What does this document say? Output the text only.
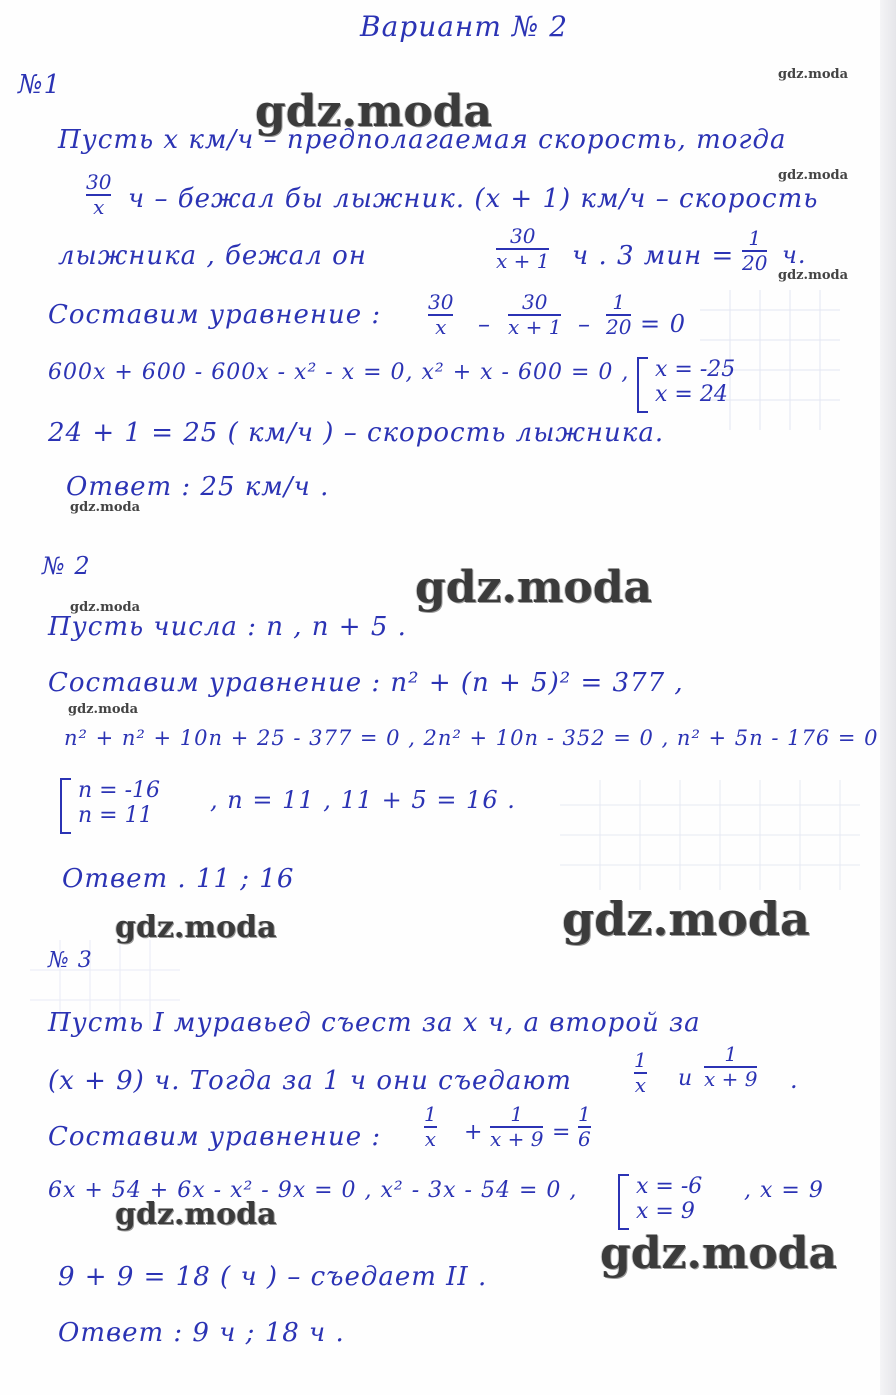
Вариант № 2
gdz.moda
gdz.moda
gdz.moda
gdz.moda
gdz.moda
gdz.moda
gdz.moda
gdz.moda
gdz.moda	gdz.moda
gdz.moda
gdz.moda
№1
Пусть x км/ч – предполагаемая скорость, тогда
30
x ч – бежал бы лыжник. (x + 1) км/ч – скорость
лыжника , бежал он
30
x + 1 ч . 3 мин =
1
20 ч.
Составим уравнение : 30
x –
30
x + 1 –
1
20 = 0
600x + 600 - 600x - x² - x = 0, x² + x - 600 = 0 , x = -25
x = 24
24 + 1 = 25 ( км/ч ) – скорость лыжника.
Ответ : 25 км/ч .
№ 2
Пусть числа : n , n + 5 .
Составим уравнение : n² + (n + 5)² = 377 ,
n² + n² + 10n + 25 - 377 = 0 , 2n² + 10n - 352 = 0 , n² + 5n - 176 = 0
n = -16
n = 11
, n = 11 , 11 + 5 = 16 .
Ответ . 11 ; 16
№ 3
Пусть I муравьед съест за x ч, а второй за
(x + 9) ч. Тогда за 1 ч они съедают
1
x и
1
x + 9 .
Составим уравнение :
1
x +
1
x + 9 =
1
6
6x + 54 + 6x - x² - 9x = 0 , x² - 3x - 54 = 0 ,	x = -6
x = 9
, x = 9
9 + 9 = 18 ( ч ) – съедает II .
Ответ : 9 ч ; 18 ч .
